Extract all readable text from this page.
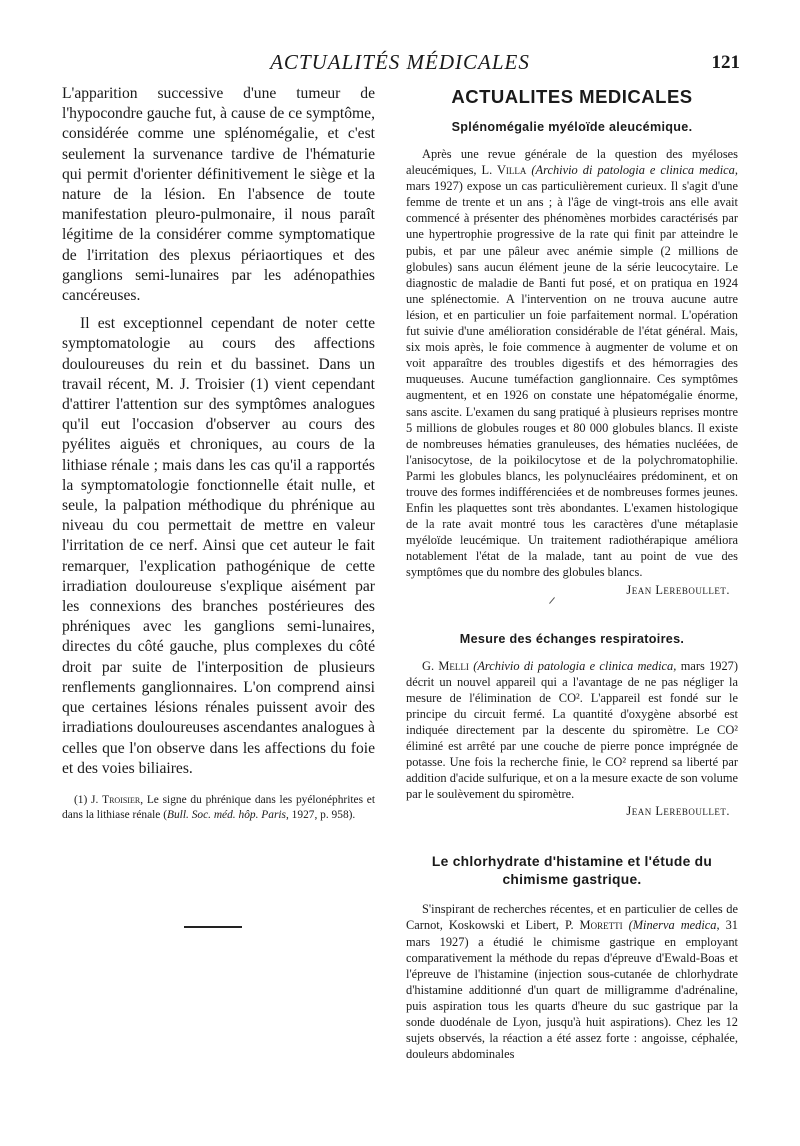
ACTUALITÉS MÉDICALES	121

L'apparition successive d'une tumeur de l'hypocondre gauche fut, à cause de ce symptôme, considérée comme une splénomégalie, et c'est seulement la survenance tardive de l'hématurie qui permit d'orienter définitivement le siège et la nature de la lésion. En l'absence de toute manifestation pleuro-pulmonaire, il nous paraît légitime de la considérer comme symptomatique de l'irritation des plexus périaortiques et des ganglions semi-lunaires par les adénopathies cancéreuses.

Il est exceptionnel cependant de noter cette symptomatologie au cours des affections douloureuses du rein et du bassinet. Dans un travail récent, M. J. Troisier (1) vient cependant d'attirer l'attention sur des symptômes analogues qu'il eut l'occasion d'observer au cours des pyélites aiguës et chroniques, au cours de la lithiase rénale ; mais dans les cas qu'il a rapportés la symptomatologie fonctionnelle était nulle, et seule, la palpation méthodique du phrénique au niveau du cou permettait de mettre en valeur l'irritation de ce nerf. Ainsi que cet auteur le fait remarquer, l'explication pathogénique de cette irradiation douloureuse s'explique aisément par les connexions des branches postérieures des phréniques avec les ganglions semi-lunaires, directes du côté gauche, plus complexes du côté droit par suite de l'interposition de plusieurs renflements ganglionnaires. L'on comprend ainsi que certaines lésions rénales puissent avoir des irradiations douloureuses ascendantes analogues à celles que l'on observe dans les affections du foie et des voies biliaires.

(1) J. Troisier, Le signe du phrénique dans les pyélonéphrites et dans la lithiase rénale (Bull. Soc. méd. hôp. Paris, 1927, p. 958).
ACTUALITES MEDICALES
Splénomégalie myéloïde aleucémique.

Après une revue générale de la question des myéloses aleucémiques, L. Villa (Archivio di patologia e clinica medica, mars 1927) expose un cas particulièrement curieux. Il s'agit d'une femme de trente et un ans ; à l'âge de vingt-trois ans elle avait commencé à présenter des phénomènes morbides caractérisés par une hypertrophie progressive de la rate qui finit par atteindre le pubis, et par une pâleur avec anémie simple (2 millions de globules) sans aucun élément jeune de la série leucocytaire. Le diagnostic de maladie de Banti fut posé, et on pratiqua en 1924 une splénectomie. A l'intervention on ne trouva aucune autre lésion, et en particulier un foie parfaitement normal. L'opération fut suivie d'une amélioration considérable de l'état général. Mais, six mois après, le foie commence à augmenter de volume et on voit apparaître des troubles digestifs et des hémorragies des muqueuses. Aucune tuméfaction ganglionnaire. Ces symptômes augmentent, et en 1926 on constate une hépatomégalie énorme, sans ascite. L'examen du sang pratiqué à plusieurs reprises montre 5 millions de globules rouges et 80 000 globules blancs. Il existe de nombreuses hématies granuleuses, des hématies nucléées, de l'anisocytose, de la poikilocytose et de la polychromatophilie. Parmi les globules blancs, les polynucléaires prédominent, et on trouve des formes indifférenciées et de nombreuses formes jeunes. Enfin les plaquettes sont très abondantes. L'examen histologique de la rate avait montré tous les caractères d'une métaplasie myéloïde leucémique. Un traitement radiothérapique améliora notablement l'état de la malade, tant au point de vue des symptômes que du nombre des globules blancs.

Jean Lereboullet.
Mesure des échanges respiratoires.

G. Melli (Archivio di patologia e clinica medica, mars 1927) décrit un nouvel appareil qui a l'avantage de ne pas négliger la mesure de l'élimination de CO². L'appareil est fondé sur le principe du circuit fermé. La quantité d'oxygène absorbé est indiquée directement par la descente du spiromètre. Le CO² éliminé est arrêté par une couche de pierre ponce imprégnée de potasse. Une fois la recherche finie, le CO² reprend sa liberté par addition d'acide sulfurique, et on a la mesure exacte de son volume par le soulèvement du spiromètre.

Jean Lereboullet.
Le chlorhydrate d'histamine et l'étude du
chimisme gastrique.

S'inspirant de recherches récentes, et en particulier de celles de Carnot, Koskowski et Libert, P. Moretti (Minerva medica, 31 mars 1927) a étudié le chimisme gastrique en employant comparativement la méthode du repas d'épreuve d'Ewald-Boas et l'épreuve de l'histamine (injection sous-cutanée de chlorhydrate d'histamine additionné d'un quart de milligramme d'adrénaline, puis aspiration tous les quarts d'heure du suc gastrique par la sonde duodénale de Lyon, jusqu'à huit aspirations). Chez les 12 sujets observés, la réaction a été assez forte : angoisse, céphalée, douleurs abdominales
